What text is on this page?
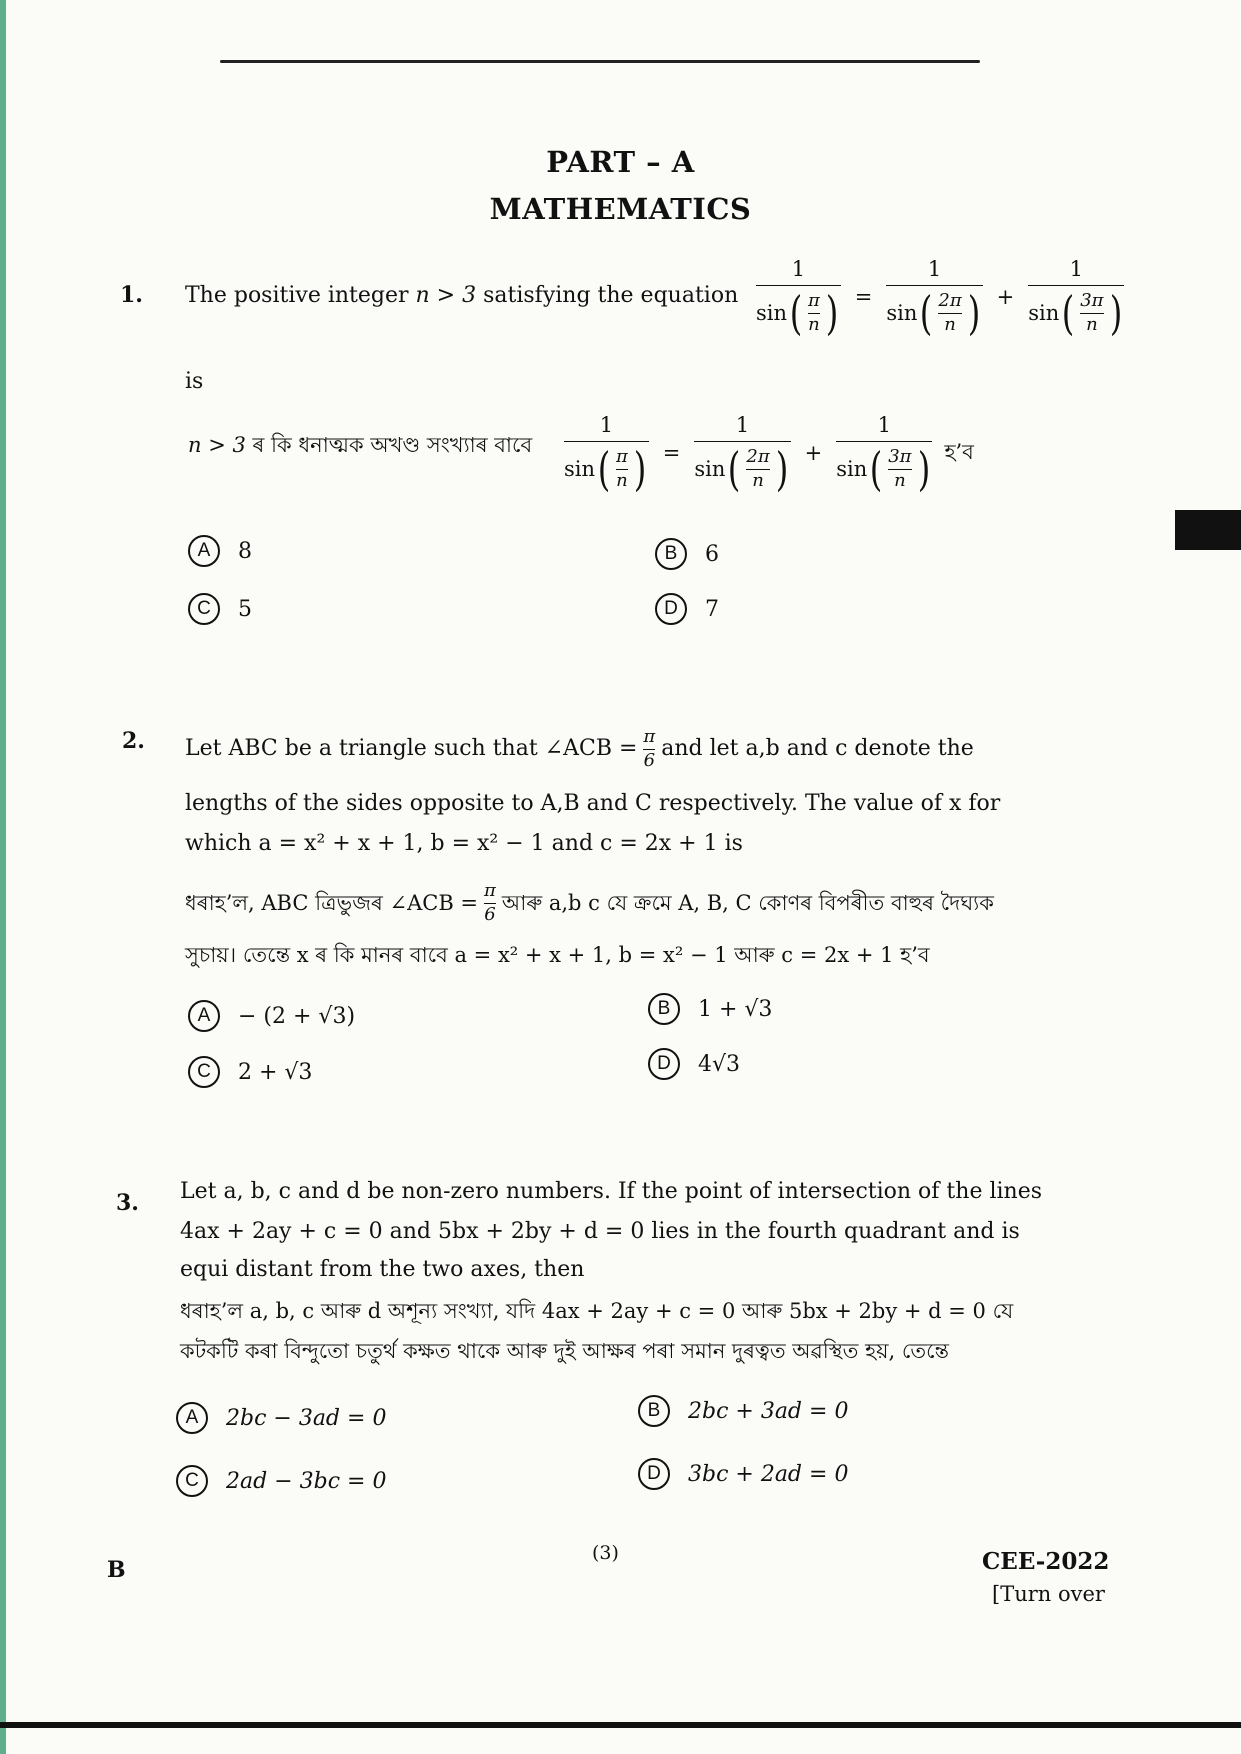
PART – A
MATHEMATICS
1. The positive integer n > 3 satisfying the equation 1
sin ( π
n ) = 1
sin ( 2π
n ) + 1
sin ( 3π
n )
is
n > 3 ৰ কি ধনাত্মক অখণ্ড সংখ্যাৰ বাবে 1
sin ( π
n ) = 1
sin ( 2π
n ) + 1
sin ( 3π
n ) হ’ব
A	8	B	6
C	5	D	7
2. Let ABC be a triangle such that ∠ACB = π
6 and let a,b and c denote the
lengths of the sides opposite to A,B and C respectively. The value of x for
which a = x² + x + 1, b = x² − 1 and c = 2x + 1 is
ধৰাহ’ল, ABC ত্ৰিভুজৰ ∠ACB =
π
6 আৰু a,b c যে ক্ৰমে A, B, C কোণৰ বিপৰীত বাহুৰ দৈঘ্যক
সুচায়। তেন্তে x ৰ কি মানৰ বাবে a = x² + x + 1, b = x² − 1 আৰু c = 2x + 1 হ’ব
A	− (2 + √3)	B	1 + √3
C	2 + √3	D	4√3
3. Let a, b, c and d be non-zero numbers. If the point of intersection of the lines
4ax + 2ay + c = 0 and 5bx + 2by + d = 0 lies in the fourth quadrant and is
equi distant from the two axes, then
ধৰাহ’ল a, b, c আৰু d অশূন্য সংখ্যা, যদি 4ax + 2ay + c = 0 আৰু 5bx + 2by + d = 0 যে
কটকটি কৰা বিন্দুতো চতুৰ্থ কক্ষত থাকে আৰু দুই আক্ষৰ পৰা সমান দুৰত্বত অৱস্থিত হয়, তেন্তে
A	2bc − 3ad = 0	B	2bc + 3ad = 0
C	2ad − 3bc = 0	D	3bc + 2ad = 0
B
(3)	CEE-2022
[Turn over
